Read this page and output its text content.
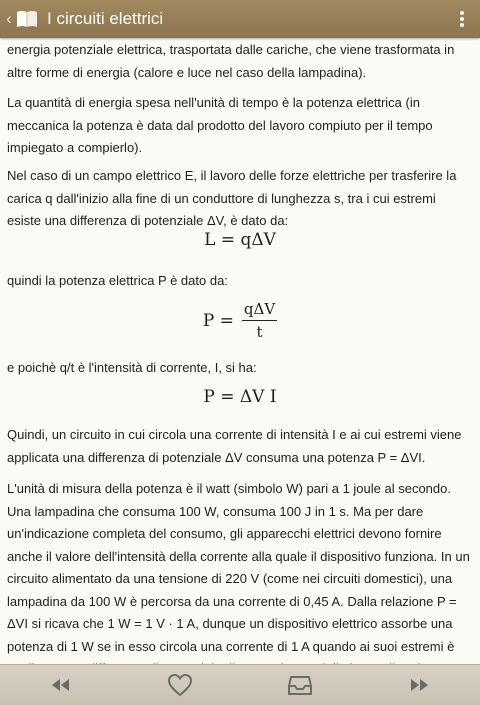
‹ I circuiti elettrici

energia potenziale elettrica, trasportata dalle cariche, che viene trasformata in altre forme di energia (calore e luce nel caso della lampadina).

La quantità di energia spesa nell'unità di tempo è la potenza elettrica (in meccanica la potenza è data dal prodotto del lavoro compiuto per il tempo impiegato a compierlo).

Nel caso di un campo elettrico E, il lavoro delle forze elettriche per trasferire la carica q dall'inizio alla fine di un conduttore di lunghezza s, tra i cui estremi esiste una differenza di potenziale ΔV, è dato da:

L = qΔV

quindi la potenza elettrica P è dato da:

$P = \frac{\text{qΔV}}{t}$

e poichè q/t è l'intensità di corrente, I, si ha:

P = ΔV I

Quindi, un circuito in cui circola una corrente di intensità I e ai cui estremi viene applicata una differenza di potenziale ΔV consuma una potenza P = ΔVI.

L'unità di misura della potenza è il watt (simbolo W) pari a 1 joule al secondo. Una lampadina che consuma 100 W, consuma 100 J in 1 s. Ma per dare un'indicazione completa del consumo, gli apparecchi elettrici devono fornire anche il valore dell'intensità della corrente alla quale il dispositivo funziona. In un circuito alimentato da una tensione di 220 V (come nei circuiti domestici), una lampadina da 100 W è percorsa da una corrente di 0,45 A. Dalla relazione P = ΔVI si ricava che 1 W = 1 V · 1 A, dunque un dispositivo elettrico assorbe una potenza di 1 W se in esso circola una corrente di 1 A quando ai suoi estremi è
